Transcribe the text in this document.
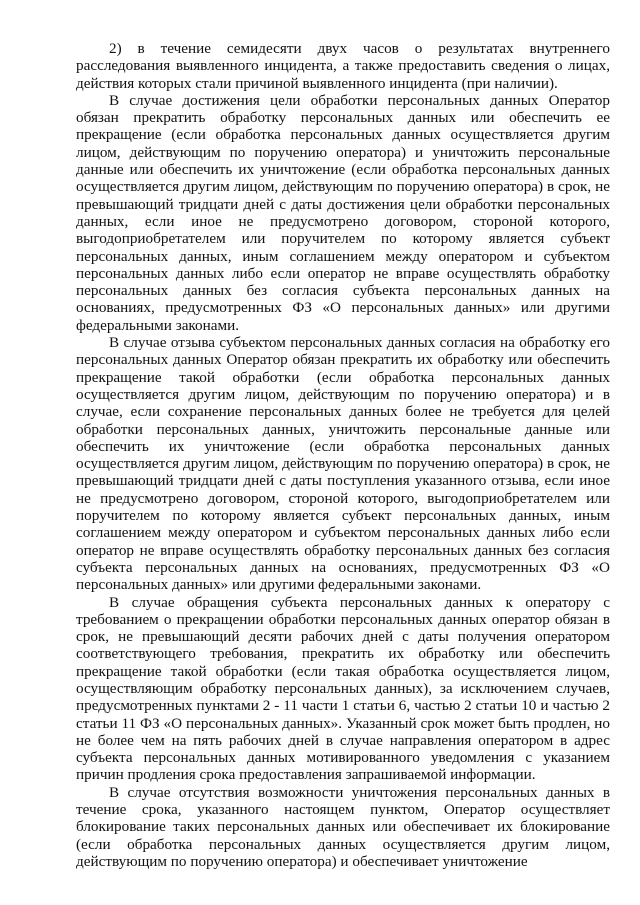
2) в течение семидесяти двух часов о результатах внутреннего расследования выявленного инцидента, а также предоставить сведения о лицах, действия которых стали причиной выявленного инцидента (при наличии).

В случае достижения цели обработки персональных данных Оператор обязан прекратить обработку персональных данных или обеспечить ее прекращение (если обработка персональных данных осуществляется другим лицом, действующим по поручению оператора) и уничтожить персональные данные или обеспечить их уничтожение (если обработка персональных данных осуществляется другим лицом, действующим по поручению оператора) в срок, не превышающий тридцати дней с даты достижения цели обработки персональных данных, если иное не предусмотрено договором, стороной которого, выгодоприобретателем или поручителем по которому является субъект персональных данных, иным соглашением между оператором и субъектом персональных данных либо если оператор не вправе осуществлять обработку персональных данных без согласия субъекта персональных данных на основаниях, предусмотренных ФЗ «О персональных данных» или другими федеральными законами.

В случае отзыва субъектом персональных данных согласия на обработку его персональных данных Оператор обязан прекратить их обработку или обеспечить прекращение такой обработки (если обработка персональных данных осуществляется другим лицом, действующим по поручению оператора) и в случае, если сохранение персональных данных более не требуется для целей обработки персональных данных, уничтожить персональные данные или обеспечить их уничтожение (если обработка персональных данных осуществляется другим лицом, действующим по поручению оператора) в срок, не превышающий тридцати дней с даты поступления указанного отзыва, если иное не предусмотрено договором, стороной которого, выгодоприобретателем или поручителем по которому является субъект персональных данных, иным соглашением между оператором и субъектом персональных данных либо если оператор не вправе осуществлять обработку персональных данных без согласия субъекта персональных данных на основаниях, предусмотренных ФЗ «О персональных данных» или другими федеральными законами.

В случае обращения субъекта персональных данных к оператору с требованием о прекращении обработки персональных данных оператор обязан в срок, не превышающий десяти рабочих дней с даты получения оператором соответствующего требования, прекратить их обработку или обеспечить прекращение такой обработки (если такая обработка осуществляется лицом, осуществляющим обработку персональных данных), за исключением случаев, предусмотренных пунктами 2 - 11 части 1 статьи 6, частью 2 статьи 10 и частью 2 статьи 11 ФЗ «О персональных данных». Указанный срок может быть продлен, но не более чем на пять рабочих дней в случае направления оператором в адрес субъекта персональных данных мотивированного уведомления с указанием причин продления срока предоставления запрашиваемой информации.

В случае отсутствия возможности уничтожения персональных данных в течение срока, указанного настоящем пунктом, Оператор осуществляет блокирование таких персональных данных или обеспечивает их блокирование (если обработка персональных данных осуществляется другим лицом, действующим по поручению оператора) и обеспечивает уничтожение
